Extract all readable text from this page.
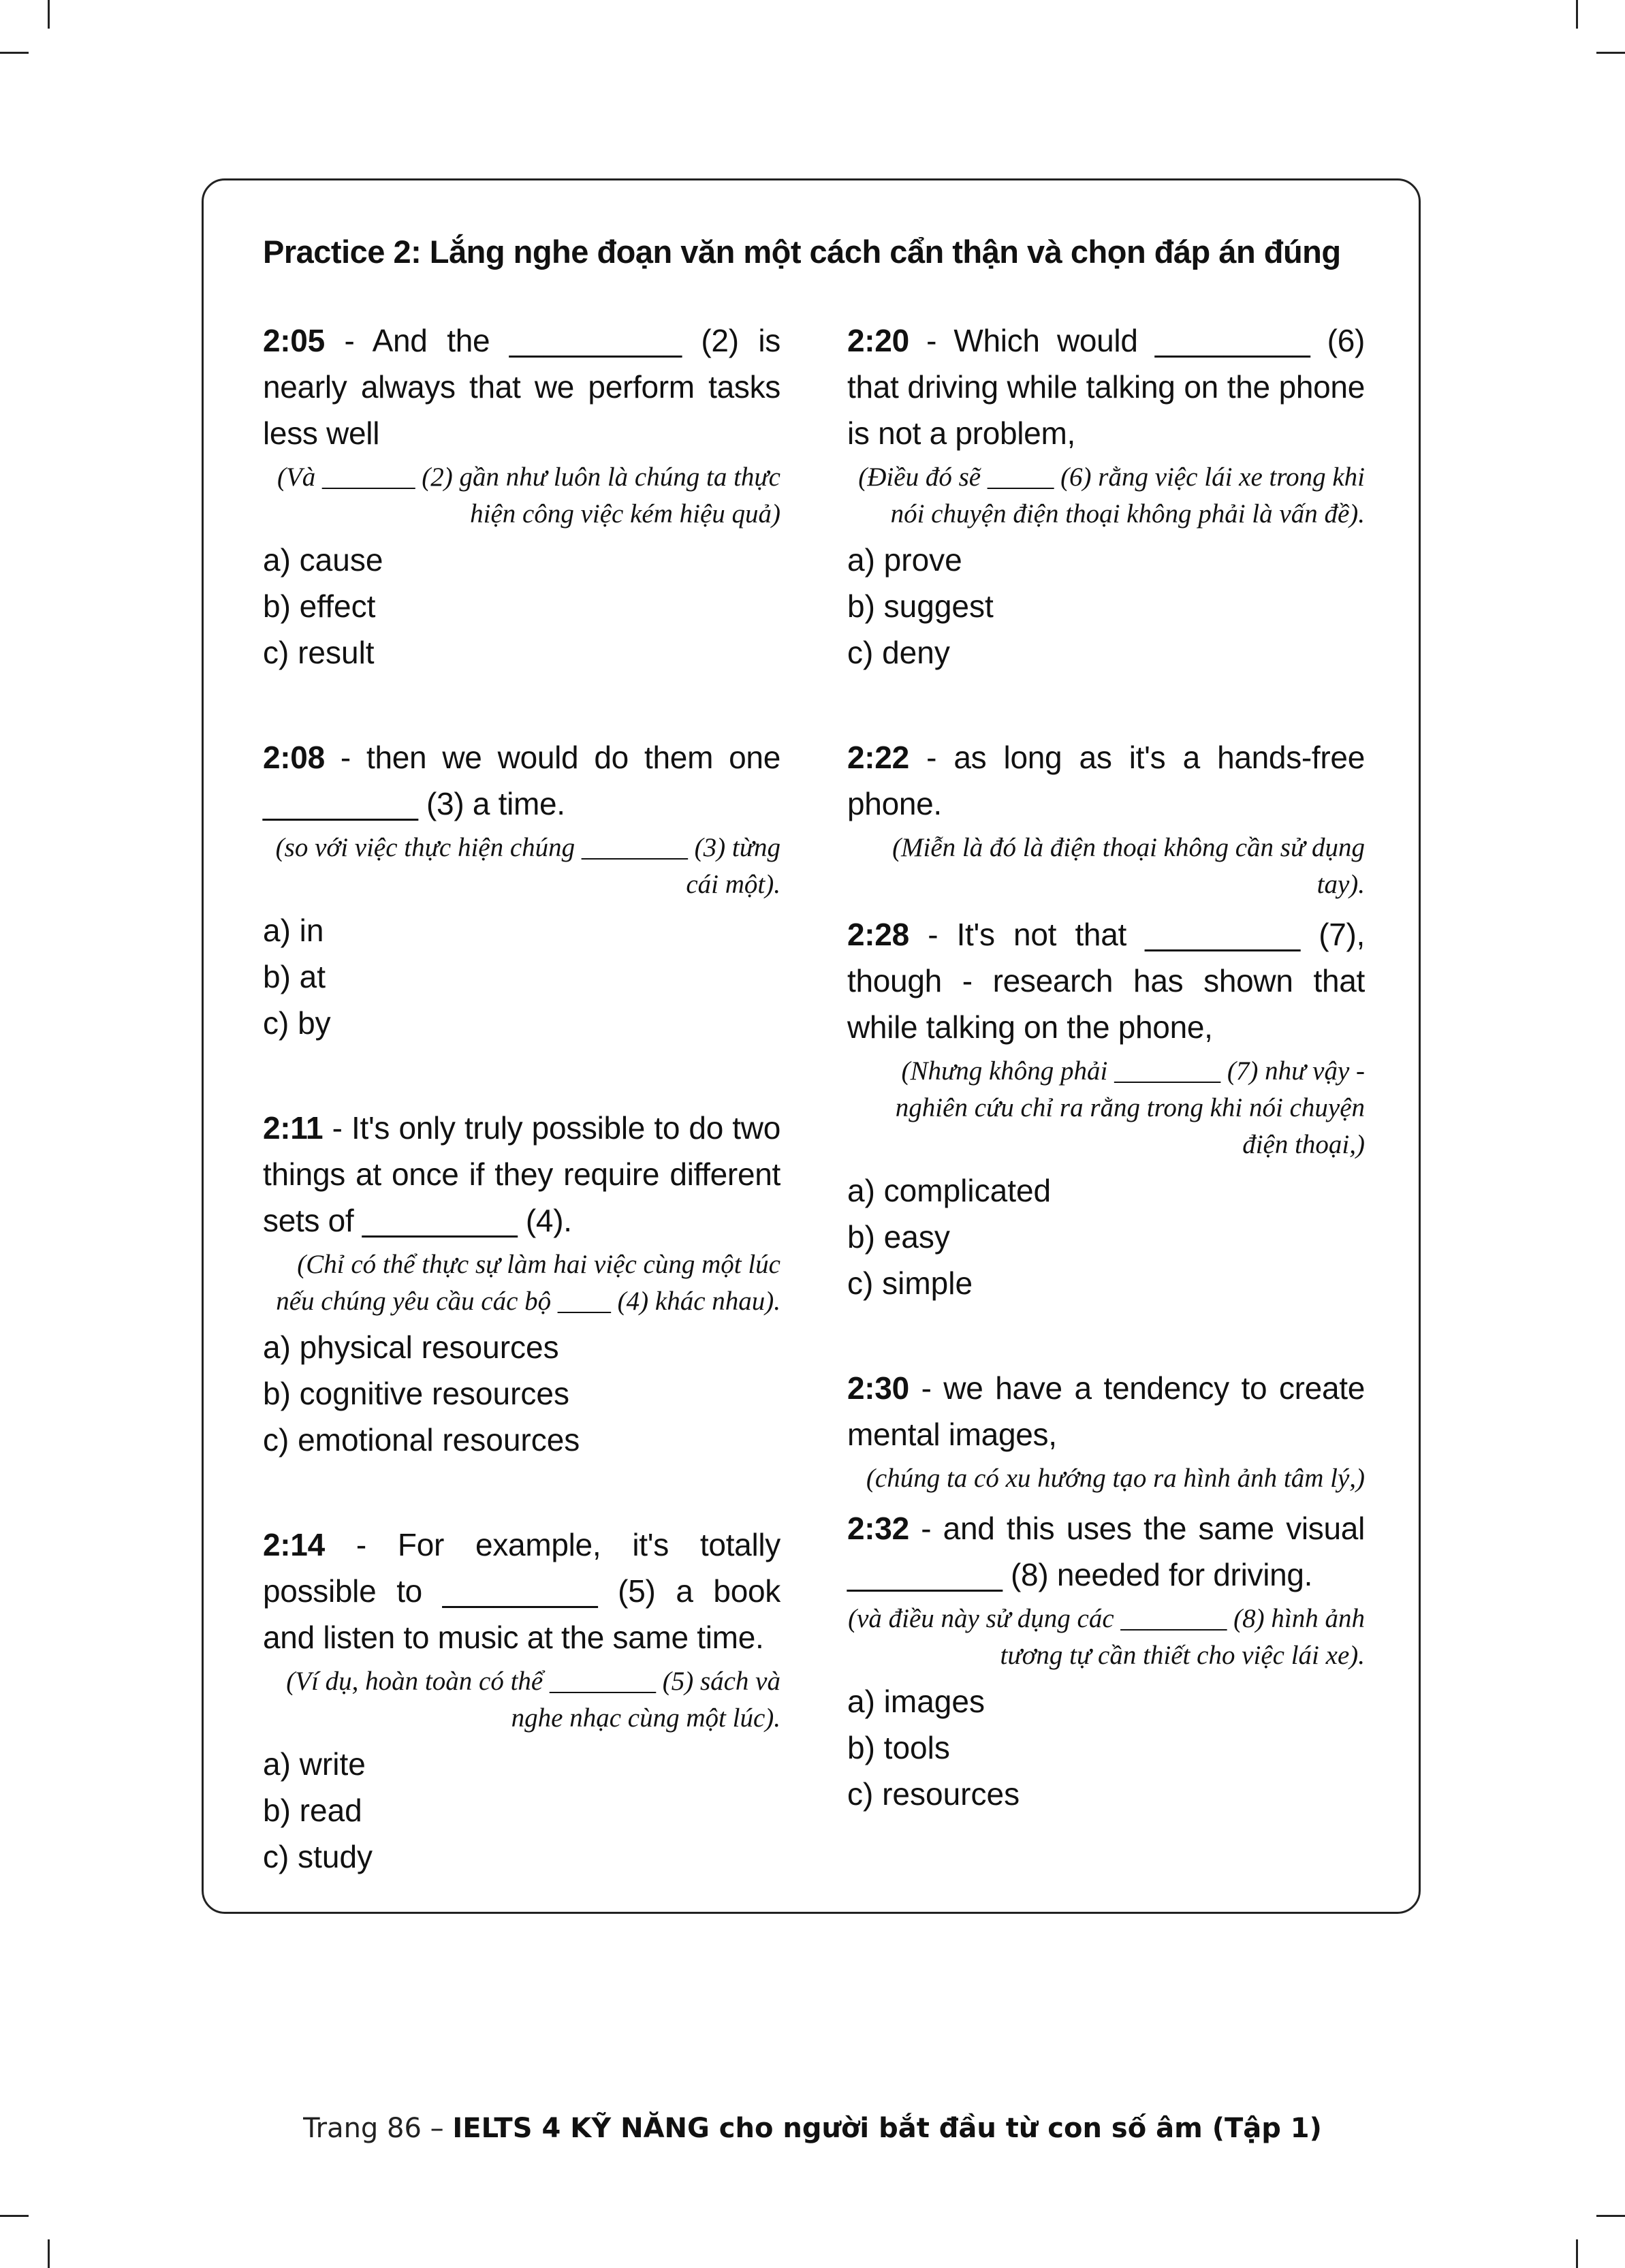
Practice 2: Lắng nghe đoạn văn một cách cẩn thận và chọn đáp án đúng
2:05 - And the __________ (2) is nearly always that we perform tasks less well
(Và _______ (2) gần như luôn là chúng ta thực hiện công việc kém hiệu quả)
a) cause
b) effect
c) result
2:08 - then we would do them one _________ (3) a time.
(so với việc thực hiện chúng ________ (3) từng cái một).
a) in
b) at
c) by
2:11 - It's only truly possible to do two things at once if they require different sets of _________ (4).
(Chỉ có thể thực sự làm hai việc cùng một lúc nếu chúng yêu cầu các bộ ____ (4) khác nhau).
a) physical resources
b) cognitive resources
c) emotional resources
2:14 - For example, it's totally possible to _________ (5) a book and listen to music at the same time.
(Ví dụ, hoàn toàn có thể ________ (5) sách và nghe nhạc cùng một lúc).
a) write
b) read
c) study
2:20 - Which would _________ (6) that driving while talking on the phone is not a problem,
(Điều đó sẽ _____ (6) rằng việc lái xe trong khi nói chuyện điện thoại không phải là vấn đề).
a) prove
b) suggest
c) deny
2:22 - as long as it's a hands-free phone.
(Miễn là đó là điện thoại không cần sử dụng tay).
2:28 - It's not that _________ (7), though - research has shown that while talking on the phone,
(Nhưng không phải ________ (7) như vậy - nghiên cứu chỉ ra rằng trong khi nói chuyện điện thoại,)
a) complicated
b) easy
c) simple
2:30 - we have a tendency to create mental images,
(chúng ta có xu hướng tạo ra hình ảnh tâm lý,)
2:32 - and this uses the same visual _________ (8) needed for driving.
(và điều này sử dụng các ________ (8) hình ảnh tương tự cần thiết cho việc lái xe).
a) images
b) tools
c) resources
Trang 86 – IELTS 4 KỸ NĂNG cho người bắt đầu từ con số âm (Tập 1)
